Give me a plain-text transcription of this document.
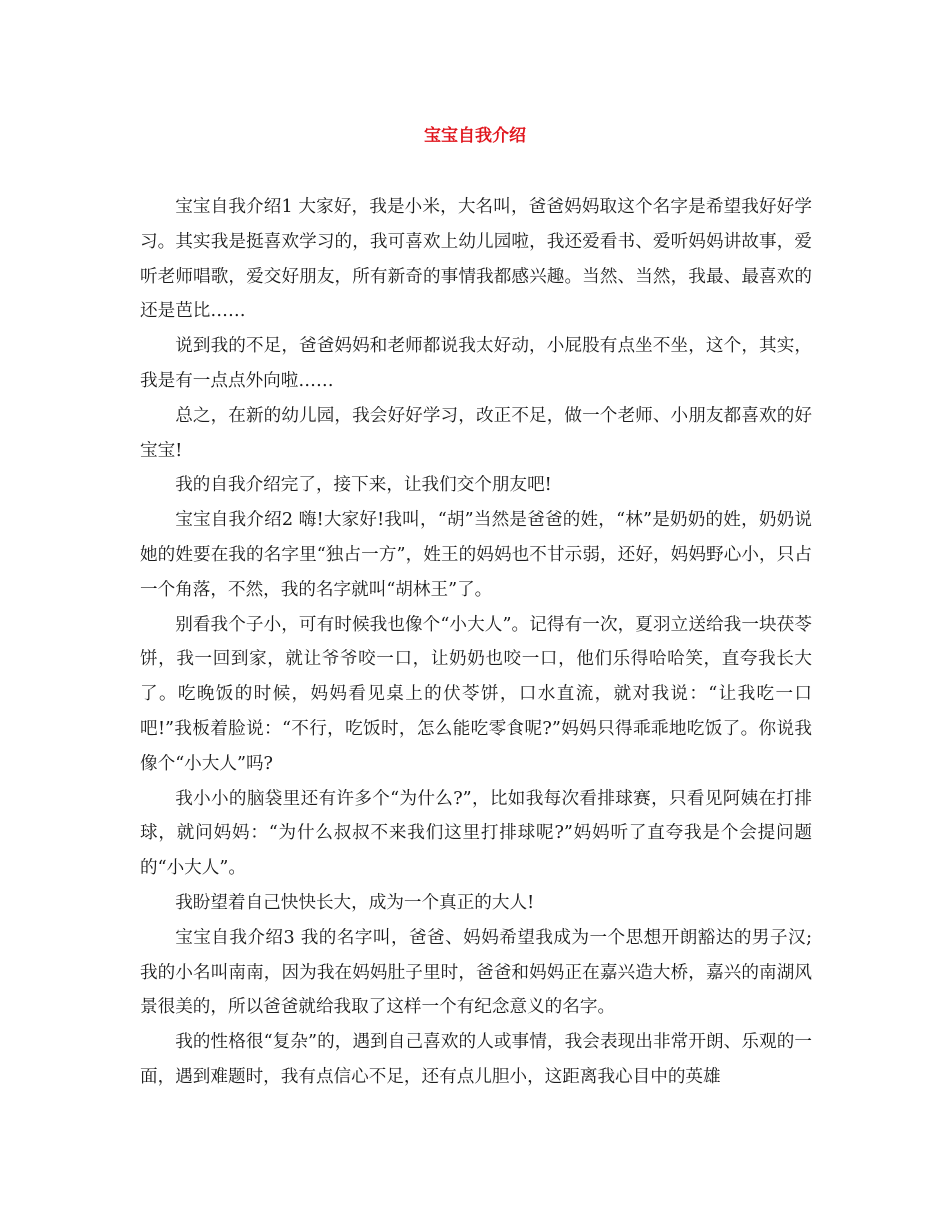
宝宝自我介绍

宝宝自我介绍1 大家好，我是小米，大名叫，爸爸妈妈取这个名字是希望我好好学习。其实我是挺喜欢学习的，我可喜欢上幼儿园啦，我还爱看书、爱听妈妈讲故事，爱听老师唱歌，爱交好朋友，所有新奇的事情我都感兴趣。当然、当然，我最、最喜欢的还是芭比……

说到我的不足，爸爸妈妈和老师都说我太好动，小屁股有点坐不坐，这个，其实，我是有一点点外向啦……

总之，在新的幼儿园，我会好好学习，改正不足，做一个老师、小朋友都喜欢的好宝宝!

我的自我介绍完了，接下来，让我们交个朋友吧!

宝宝自我介绍2 嗨!大家好!我叫，“胡”当然是爸爸的姓，“林”是奶奶的姓，奶奶说她的姓要在我的名字里“独占一方”，姓王的妈妈也不甘示弱，还好，妈妈野心小，只占一个角落，不然，我的名字就叫“胡林王”了。

别看我个子小，可有时候我也像个“小大人”。记得有一次，夏羽立送给我一块茯苓饼，我一回到家，就让爷爷咬一口，让奶奶也咬一口，他们乐得哈哈笑，直夸我长大了。吃晚饭的时候，妈妈看见桌上的伏苓饼，口水直流，就对我说：“让我吃一口吧!”我板着脸说：“不行，吃饭时，怎么能吃零食呢?”妈妈只得乖乖地吃饭了。你说我像个“小大人”吗?

我小小的脑袋里还有许多个“为什么?”，比如我每次看排球赛，只看见阿姨在打排球，就问妈妈：“为什么叔叔不来我们这里打排球呢?”妈妈听了直夸我是个会提问题的“小大人”。

我盼望着自己快快长大，成为一个真正的大人!

宝宝自我介绍3 我的名字叫，爸爸、妈妈希望我成为一个思想开朗豁达的男子汉;我的小名叫南南，因为我在妈妈肚子里时，爸爸和妈妈正在嘉兴造大桥，嘉兴的南湖风景很美的，所以爸爸就给我取了这样一个有纪念意义的名字。

我的性格很“复杂”的，遇到自己喜欢的人或事情，我会表现出非常开朗、乐观的一面，遇到难题时，我有点信心不足，还有点儿胆小，这距离我心目中的英雄
